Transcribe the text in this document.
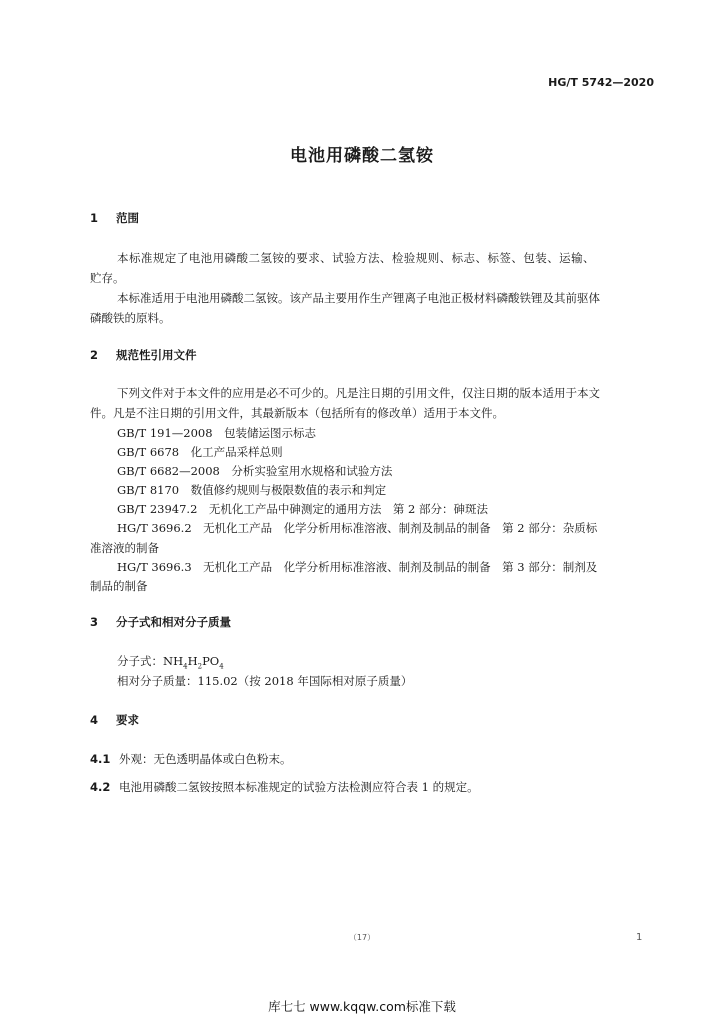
HG/T 5742—2020
电池用磷酸二氢铵
1 范围
本标准规定了电池用磷酸二氢铵的要求、试验方法、检验规则、标志、标签、包装、运输、
贮存。
本标准适用于电池用磷酸二氢铵。该产品主要用作生产锂离子电池正极材料磷酸铁锂及其前驱体
磷酸铁的原料。
2 规范性引用文件
下列文件对于本文件的应用是必不可少的。凡是注日期的引用文件，仅注日期的版本适用于本文
件。凡是不注日期的引用文件，其最新版本（包括所有的修改单）适用于本文件。
GB/T 191—2008　包装储运图示标志
GB/T 6678　化工产品采样总则
GB/T 6682—2008　分析实验室用水规格和试验方法
GB/T 8170　数值修约规则与极限数值的表示和判定
GB/T 23947.2　无机化工产品中砷测定的通用方法　第 2 部分：砷斑法
HG/T 3696.2　无机化工产品　化学分析用标准溶液、制剂及制品的制备　第 2 部分：杂质标
准溶液的制备
HG/T 3696.3　无机化工产品　化学分析用标准溶液、制剂及制品的制备　第 3 部分：制剂及
制品的制备
3 分子式和相对分子质量
分子式：$NH_4H_2PO_4$
相对分子质量：115.02（按 2018 年国际相对原子质量）
4 要求
4.1 外观：无色透明晶体或白色粉末。
4.2 电池用磷酸二氢铵按照本标准规定的试验方法检测应符合表 1 的规定。
（17）	1
库七七 www.kqqw.com标准下载
